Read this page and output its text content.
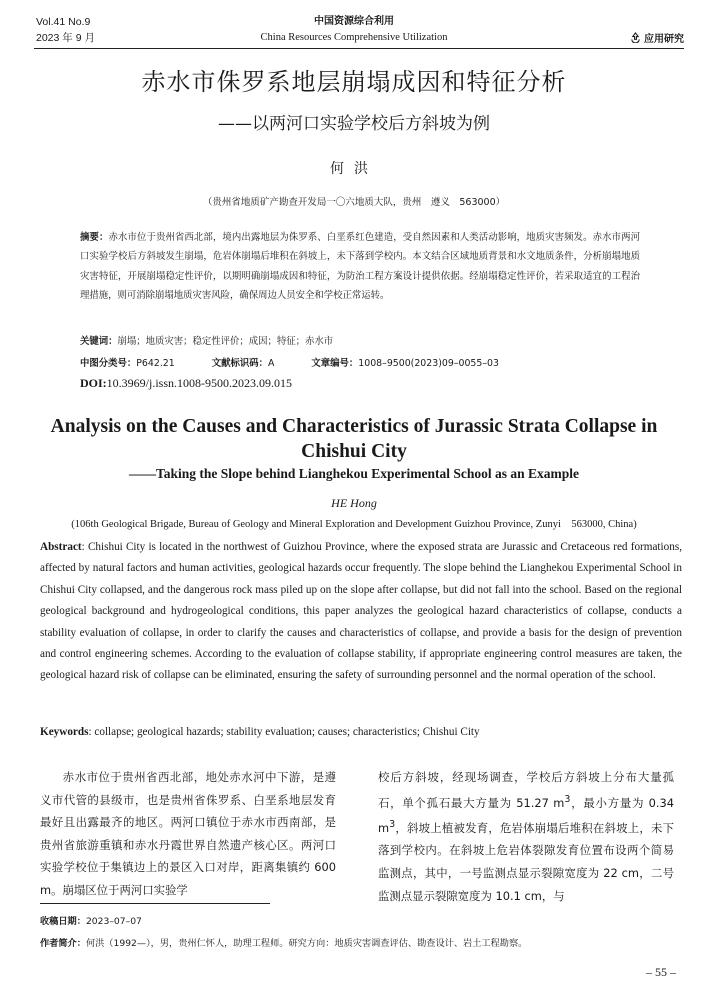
Vol.41 No.9
2023 年 9 月
中国资源综合利用
China Resources Comprehensive Utilization	应用研究
赤水市侏罗系地层崩塌成因和特征分析
——以两河口实验学校后方斜坡为例
何洪
（贵州省地质矿产勘查开发局一〇六地质大队，贵州　遵义　563000）
摘要：赤水市位于贵州省西北部，境内出露地层为侏罗系、白垩系红色建造，受自然因素和人类活动影响，地质灾害频发。赤水市两河口实验学校后方斜坡发生崩塌，危岩体崩塌后堆积在斜坡上，未下落到学校内。本文结合区域地质背景和水文地质条件，分析崩塌地质灾害特征，开展崩塌稳定性评价，以期明确崩塌成因和特征，为防治工程方案设计提供依据。经崩塌稳定性评价，若采取适宜的工程治理措施，则可消除崩塌地质灾害风险，确保周边人员安全和学校正常运转。
关键词：崩塌；地质灾害；稳定性评价；成因；特征；赤水市
中图分类号：P642.21	文献标识码：A	文章编号：1008–9500(2023)09–0055–03
DOI:10.3969/j.issn.1008-9500.2023.09.015
Analysis on the Causes and Characteristics of Jurassic Strata Collapse in Chishui City
——Taking the Slope behind Lianghekou Experimental School as an Example
HE Hong
(106th Geological Brigade, Bureau of Geology and Mineral Exploration and Development Guizhou Province, Zunyi　563000, China)
Abstract: Chishui City is located in the northwest of Guizhou Province, where the exposed strata are Jurassic and Cretaceous red formations, affected by natural factors and human activities, geological hazards occur frequently. The slope behind the Lianghekou Experimental School in Chishui City collapsed, and the dangerous rock mass piled up on the slope after collapse, but did not fall into the school. Based on the regional geological background and hydrogeological conditions, this paper analyzes the geological hazard characteristics of collapse, conducts a stability evaluation of collapse, in order to clarify the causes and characteristics of collapse, and provide a basis for the design of prevention and control engineering schemes. According to the evaluation of collapse stability, if appropriate engineering control measures are taken, the geological hazard risk of collapse can be eliminated, ensuring the safety of surrounding personnel and the normal operation of the school.
Keywords: collapse; geological hazards; stability evaluation; causes; characteristics; Chishui City
赤水市位于贵州省西北部，地处赤水河中下游，是遵义市代管的县级市，也是贵州省侏罗系、白垩系地层发育最好且出露最齐的地区。两河口镇位于赤水市西南部，是贵州省旅游重镇和赤水丹霞世界自然遗产核心区。两河口实验学校位于集镇边上的景区入口对岸，距离集镇约 600 m。崩塌区位于两河口实验学
校后方斜坡，经现场调查，学校后方斜坡上分布大量孤石，单个孤石最大方量为 51.27 $m^3$，最小方量为 0.34 $m^3$，斜坡上植被发育，危岩体崩塌后堆积在斜坡上，未下落到学校内。在斜坡上危岩体裂隙发育位置布设两个简易监测点，其中，一号监测点显示裂隙宽度为 22 cm，二号监测点显示裂隙宽度为 10.1 cm，与
收稿日期：2023–07–07
作者简介：何洪（1992—），男，贵州仁怀人，助理工程师。研究方向：地质灾害调查评估、勘查设计、岩土工程勘察。
– 55 –
